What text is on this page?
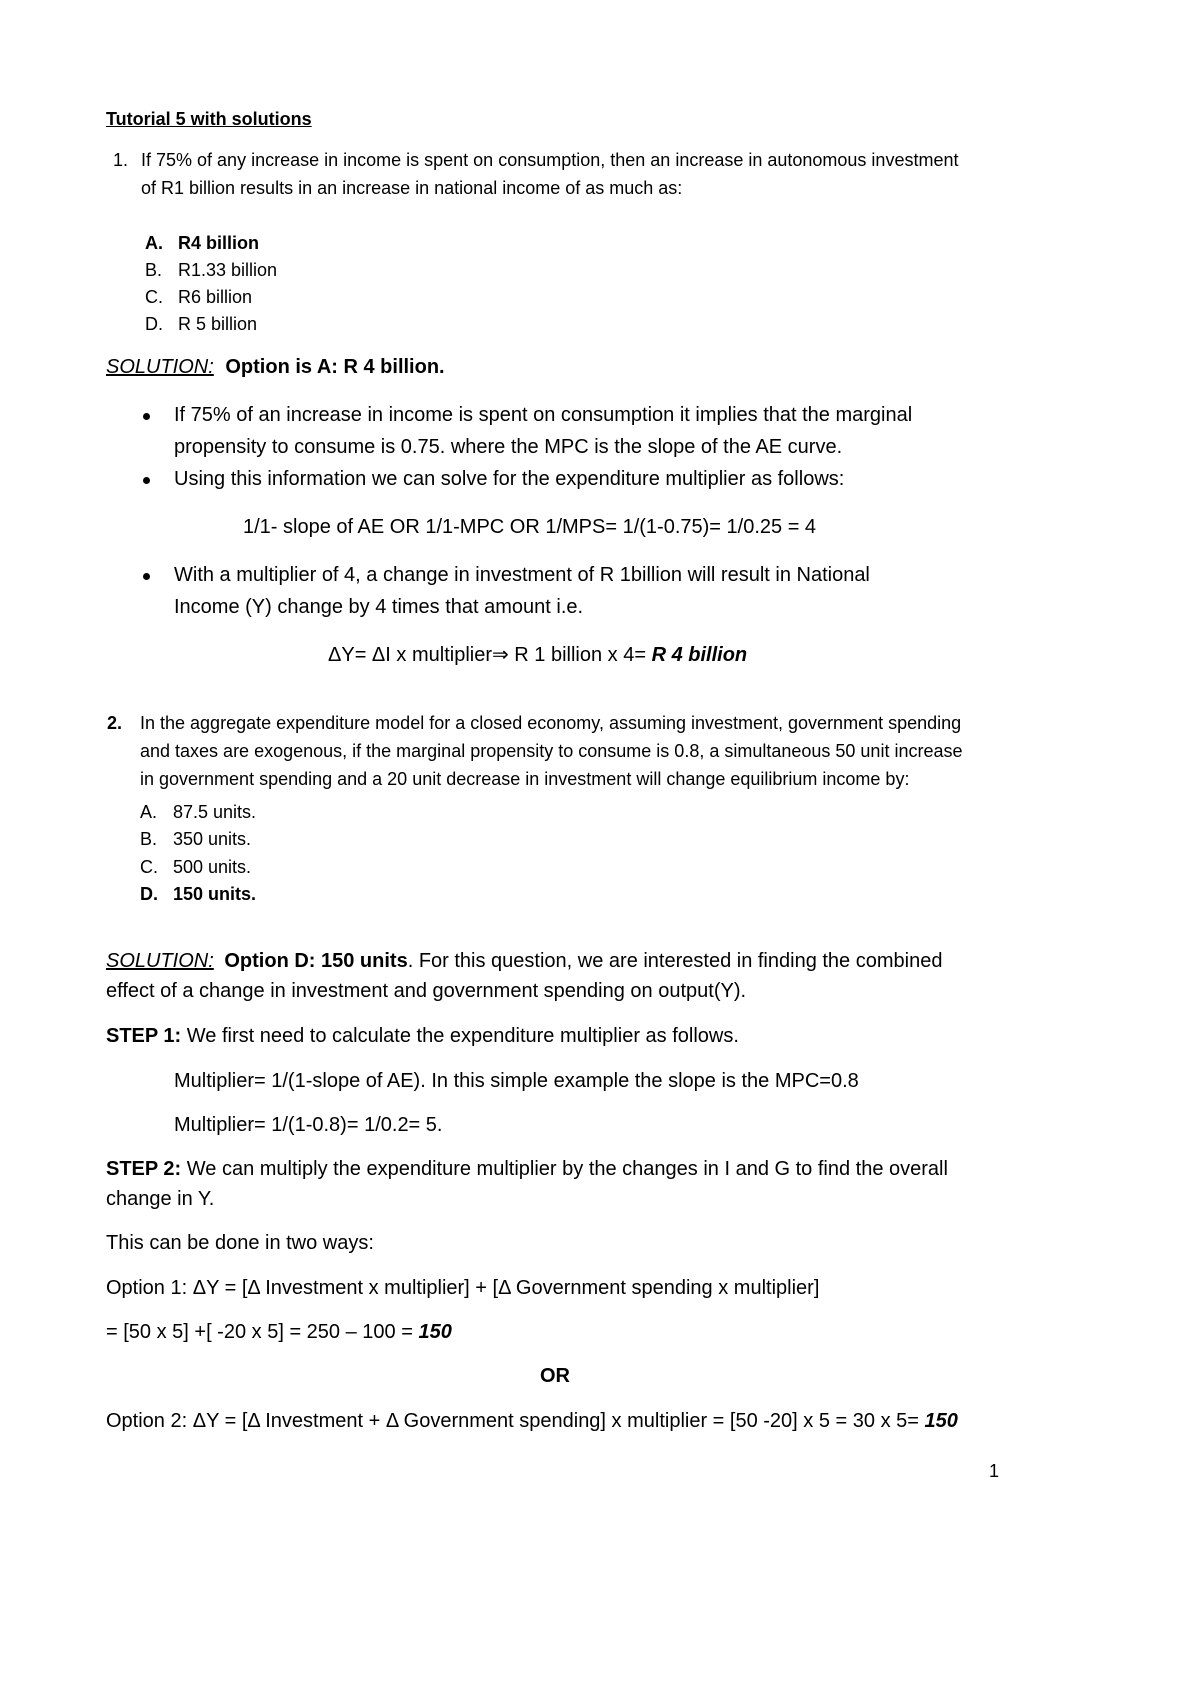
Tutorial 5 with solutions
1. If 75% of any increase in income is spent on consumption, then an increase in autonomous investment
of R1 billion results in an increase in national income of as much as:
A. R4 billion
B. R1.33 billion
C. R6 billion
D. R 5 billion
SOLUTION: Option is A: R 4 billion.
If 75% of an increase in income is spent on consumption it implies that the marginal
propensity to consume is 0.75. where the MPC is the slope of the AE curve.
Using this information we can solve for the expenditure multiplier as follows:
1/1- slope of AE OR 1/1-MPC OR 1/MPS= 1/(1-0.75)= 1/0.25 = 4
With a multiplier of 4, a change in investment of R 1billion will result in National
Income (Y) change by 4 times that amount i.e.
ΔY= ΔI x multiplier⇒ R 1 billion x 4= R 4 billion
2. In the aggregate expenditure model for a closed economy, assuming investment, government spending
and taxes are exogenous, if the marginal propensity to consume is 0.8, a simultaneous 50 unit increase
in government spending and a 20 unit decrease in investment will change equilibrium income by:
A. 87.5 units.
B. 350 units.
C. 500 units.
D. 150 units.
SOLUTION: Option D: 150 units. For this question, we are interested in finding the combined
effect of a change in investment and government spending on output(Y).
STEP 1: We first need to calculate the expenditure multiplier as follows.
Multiplier= 1/(1-slope of AE). In this simple example the slope is the MPC=0.8
Multiplier= 1/(1-0.8)= 1/0.2= 5.
STEP 2: We can multiply the expenditure multiplier by the changes in I and G to find the overall
change in Y.
This can be done in two ways:
Option 1: ΔY = [Δ Investment x multiplier] + [Δ Government spending x multiplier]
= [50 x 5] +[ -20 x 5] = 250 – 100 = 150
OR
Option 2: ΔY = [Δ Investment + Δ Government spending] x multiplier = [50 -20] x 5 = 30 x 5= 150
1
